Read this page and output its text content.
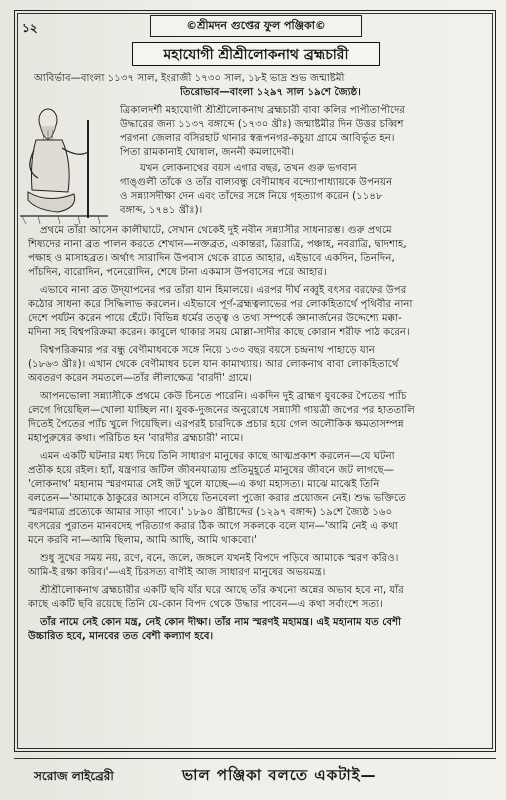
১২	©শ্রীমদন গুপ্তের ফুল পঞ্জিকা©
মহাযোগী শ্রীশ্রীলোকনাথ ব্রহ্মচারী
আবির্ভাব—বাংলা ১১৩৭ সাল, ইংরাজী ১৭৩০ সাল, ১৮ই ভাদ্র শুভ জন্মাষ্টমী
তিরোভাব—বাংলা ১২৯৭ সাল ১৯শে জ্যৈষ্ঠ।
ত্রিকালদর্শী মহাযোগী শ্রীশ্রীলোকনাথ ব্রহ্মচারী বাবা কলির পাপীতাপীদের
উদ্ধারের জন্য ১১৩৭ বঙ্গাব্দে (১৭৩০ খ্রীঃ) জন্মাষ্টমীর দিন উত্তর চব্বিশ
পরগনা জেলার বসিরহাট থানার স্বরূপনগর-কচুয়া গ্রামে আবির্ভূত হন।
পিতা রামকানাই ঘোষাল, জননী কমলাদেবী।
যখন লোকনাথের বয়স এগার বছর, তখন গুরু ভগবান
গাঙ্গুলী তাঁকে ও তাঁর বাল্যবন্ধু বেণীমাধব বন্দ্যোপাধ্যায়কে উপনয়ন
ও সন্ন্যাসদীক্ষা দেন এবং তাঁদের সঙ্গে নিয়ে গৃহত্যাগ করেন (১১৪৮
বঙ্গাব্দ, ১৭৪১ খ্রীঃ)।
প্রথমে তাঁরা আসেন কালীঘাটে, সেখান থেকেই দুই নবীন সন্ন্যাসীর সাধনারম্ভ। গুরু প্রথমে
শিষ্যদের নানা ব্রত পালন করতে শেখান—নক্তব্রত, একান্তরা, ত্রিরাত্রি, পঞ্চাহ, নবরাত্রি, দ্বাদশাহ,
পক্ষাহ ও মাসাহব্রত। অর্থাৎ সারাদিন উপবাস থেকে রাতে আহার, এইভাবে একদিন, তিনদিন,
পাঁচদিন, বারোদিন, পনেরোদিন, শেষে টানা একমাস উপবাসের পরে আহার।
এভাবে নানা ব্রত উদ্‌যাপনের পর তাঁরা যান হিমালয়ে। এরপর দীর্ঘ নব্বুই বৎসর বরফের উপর
কঠোর সাধনা করে সিদ্ধিলাভ করলেন। এইভাবে পূর্ণ-ব্রহ্মত্বলাভের পর লোকহিতার্থে পৃথিবীর নানা
দেশে পর্যটন করেন পায়ে হেঁটে। বিভিন্ন ধর্মের তত্ত্ব ও তথ্য সম্পর্কে জ্ঞানার্জনের উদ্দেশ্যে মক্কা-
মদিনা সহ বিশ্বপরিক্রমা করেন। কাবুলে থাকার সময় মোল্লা-সাদীর কাছে কোরান শরীফ পাঠ করেন।
বিশ্বপরিক্রমার পর বন্ধু বেণীমাধবকে সঙ্গে নিয়ে ১৩৩ বছর বয়সে চন্দ্রনাথ পাহাড়ে যান
(১৮৬৩ খ্রীঃ)। এখান থেকে বেণীমাধব চলে যান কামাখ্যায়। আর লোকনাথ বাবা লোকহিতার্থে
অবতরণ করেন সমতলে—তাঁর লীলাক্ষেত্র 'বারদী' গ্রামে।
আপনভোলা সন্ন্যাসীকে প্রথমে কেউ চিনতে পারেনি। একদিন দুই ব্রাহ্মণ যুবকের পৈতেয় প্যাঁচ
লেগে গিয়েছিল—খোলা যাচ্ছিল না। যুবক-দুজনের অনুরোধে সন্ন্যাসী গায়ত্রী জপের পর হাততালি
দিতেই পৈতের প্যাঁচ খুলে গিয়েছিল। এরপরই চারদিকে প্রচার হয়ে গেল অলৌকিক ক্ষমতাসম্পন্ন
মহাপুরুষের কথা। পরিচিত হন 'বারদীর ব্রহ্মচারী' নামে।
এমন একটি ঘটনার মধ্য দিয়ে তিনি সাধারণ মানুষের কাছে আত্মপ্রকাশ করলেন—যে ঘটনা
প্রতীক হয়ে রইল। হ্যাঁ, যন্ত্রণার জটিল জীবনযাত্রায় প্রতিমুহূর্তে মানুষের জীবনে জট লাগছে—
'লোকনাথ' মহানাম স্মরণমাত্র সেই জট খুলে যাচ্ছে—এ কথা মহাসত্য। মাঝে মাঝেই তিনি
বলতেন—'আমাকে ঠাকুরের আসনে বসিয়ে তিনবেলা পুজো করার প্রয়োজন নেই। শুদ্ধ ভক্তিতে
স্মরণমাত্র প্রত্যেকে আমার সাড়া পাবে।' ১৮৯০ খ্রীষ্টাব্দের (১২৯৭ বঙ্গাব্দ) ১৯শে জ্যৈষ্ঠ ১৬০
বৎসরের পুরাতন মানবদেহ পরিত্যাগ করার ঠিক আগে সকলকে বলে যান—'আমি নেই এ কথা
মনে করবি না—আমি ছিলাম, আমি আছি, আমি থাকবো।'
শুধু সুখের সময় নয়, রণে, বনে, জলে, জঙ্গলে যখনই বিপদে পড়িবে আমাকে স্মরণ করিও।
আমি-ই রক্ষা করিব।'—এই চিরসত্য বাণীই আজ সাধারণ মানুষের অভয়মন্ত্র।
শ্রীশ্রীলোকনাথ ব্রহ্মচারীর একটি ছবি যাঁর ঘরে আছে তাঁর কখনো অন্নের অভাব হবে না, যাঁর
কাছে একটি ছবি রয়েছে তিনি যে-কোন বিপদ থেকে উদ্ধার পাবেন—এ কথা সর্বাংশে সত্য।
তাঁর নামে নেই কোন মন্ত্র, নেই কোন দীক্ষা। তাঁর নাম স্মরণই মহামন্ত্র। এই মহানাম যত বেশী
উচ্চারিত হবে, মানবের তত বেশী কল্যাণ হবে।
সরোজ লাইব্রেরী	ভাল পঞ্জিকা বলতে একটাই—
